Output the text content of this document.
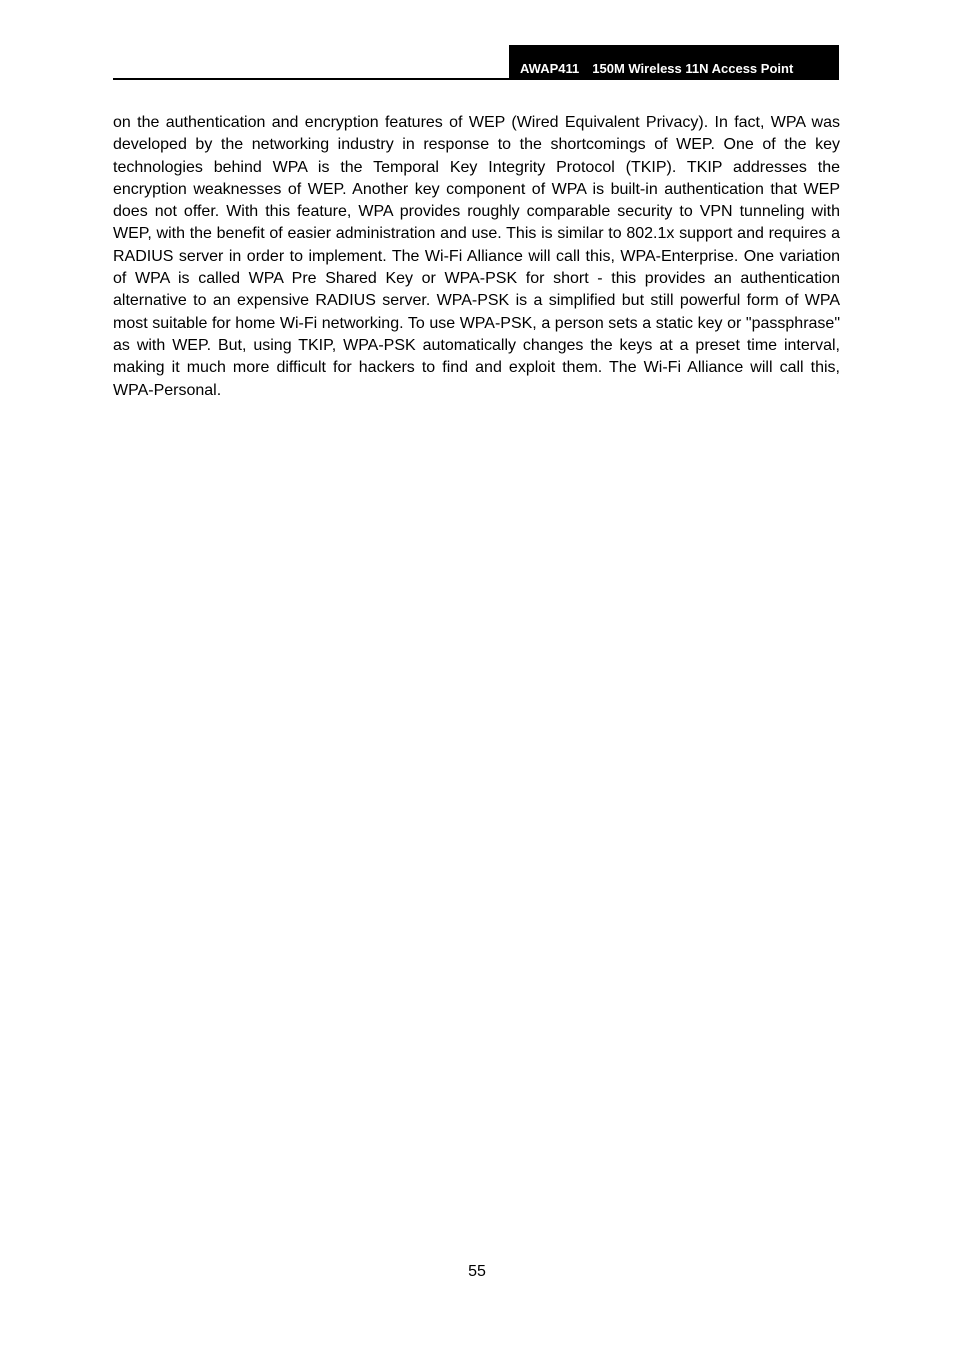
AWAP411 150M Wireless 11N Access Point

on the authentication and encryption features of WEP (Wired Equivalent Privacy). In fact, WPA was developed by the networking industry in response to the shortcomings of WEP. One of the key technologies behind WPA is the Temporal Key Integrity Protocol (TKIP). TKIP addresses the encryption weaknesses of WEP. Another key component of WPA is built-in authentication that WEP does not offer. With this feature, WPA provides roughly comparable security to VPN tunneling with WEP, with the benefit of easier administration and use. This is similar to 802.1x support and requires a RADIUS server in order to implement. The Wi-Fi Alliance will call this, WPA-Enterprise. One variation of WPA is called WPA Pre Shared Key or WPA-PSK for short - this provides an authentication alternative to an expensive RADIUS server. WPA-PSK is a simplified but still powerful form of WPA most suitable for home Wi-Fi networking. To use WPA-PSK, a person sets a static key or "passphrase" as with WEP. But, using TKIP, WPA-PSK automatically changes the keys at a preset time interval, making it much more difficult for hackers to find and exploit them. The Wi-Fi Alliance will call this, WPA-Personal.

55
